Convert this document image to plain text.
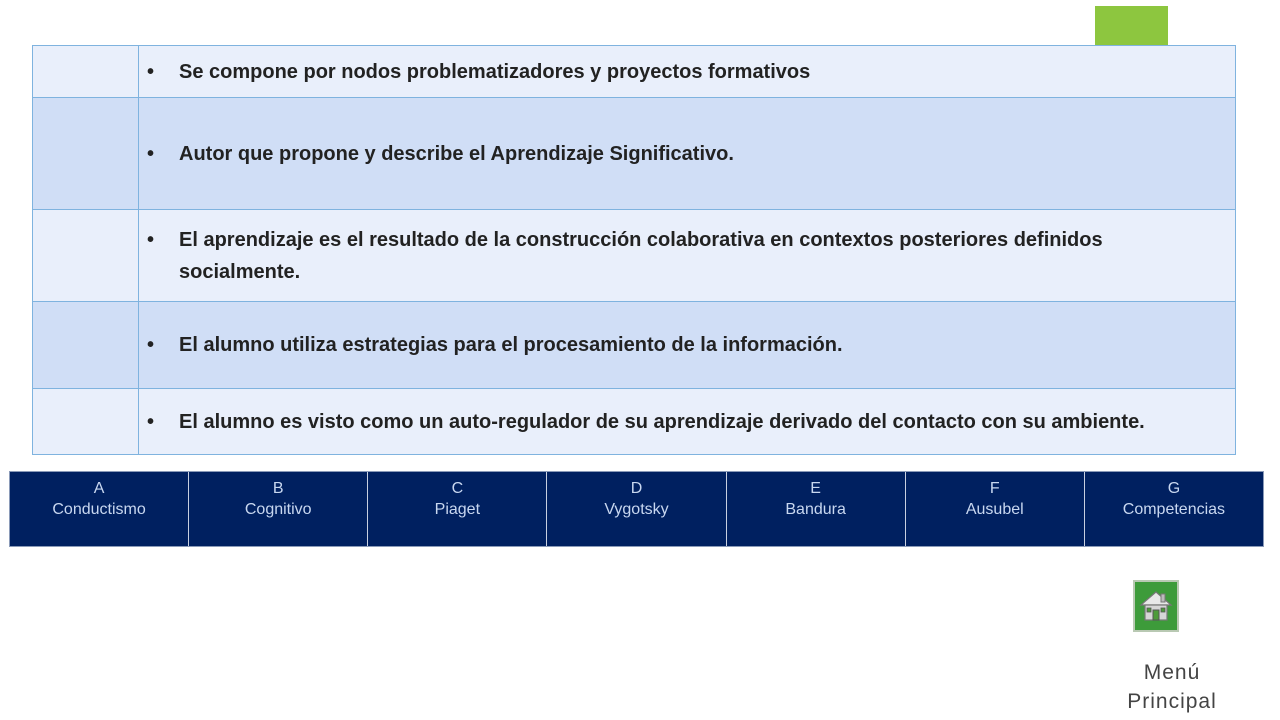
	• Se compone por nodos problematizadores y proyectos formativos

	• Autor que propone y describe el Aprendizaje Significativo.

	• El aprendizaje es el resultado de la construcción colaborativa en contextos posteriores definidos socialmente.

	• El alumno utiliza estrategias para el procesamiento de la información.

	• El alumno es visto como un auto-regulador de su aprendizaje derivado del contacto con su ambiente.
A
Conductismo
B
Cognitivo
C
Piaget
D
Vygotsky
E
Bandura
F
Ausubel
G
Competencias
Menú
Principal
